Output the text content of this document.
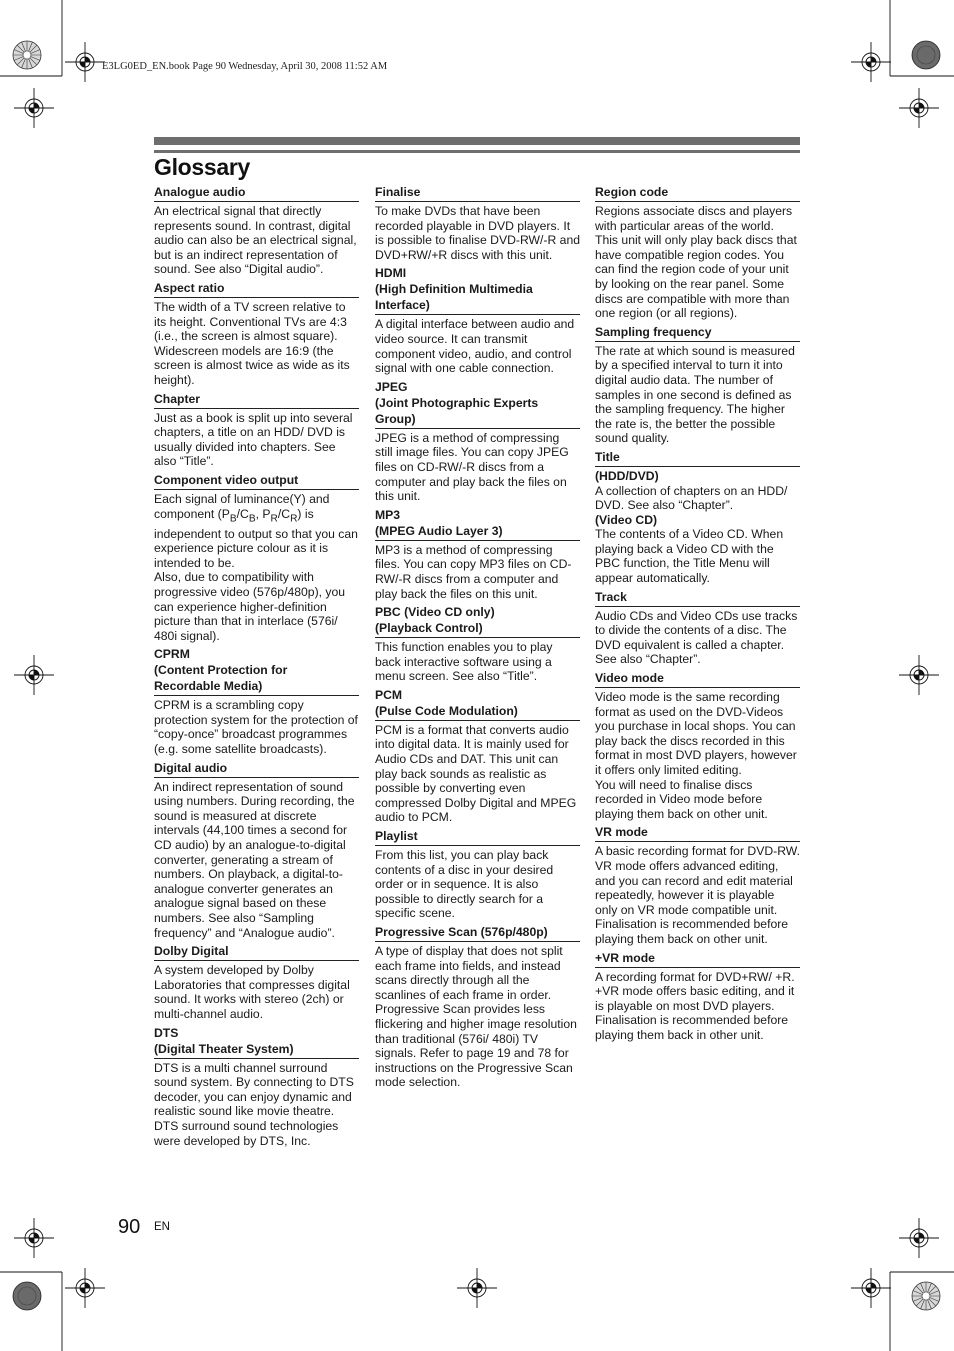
E3LG0ED_EN.book Page 90 Wednesday, April 30, 2008 11:52 AM
Glossary
Analogue audio
An electrical signal that directly represents sound. In contrast, digital audio can also be an electrical signal, but is an indirect representation of sound. See also “Digital audio”.
Aspect ratio
The width of a TV screen relative to its height. Conventional TVs are 4:3 (i.e., the screen is almost square). Widescreen models are 16:9 (the screen is almost twice as wide as its height).
Chapter
Just as a book is split up into several chapters, a title on an HDD/ DVD is usually divided into chapters. See also “Title”.
Component video output
Each signal of luminance(Y) and component ($P_B/C_B$, $P_R/C_R$) is independent to output so that you can experience picture colour as it is intended to be.
Also, due to compatibility with progressive video (576p/480p), you can experience higher-definition picture than that in interlace (576i/ 480i signal).
CPRM
(Content Protection for
Recordable Media)
CPRM is a scrambling copy protection system for the protection of “copy-once” broadcast programmes (e.g. some satellite broadcasts).
Digital audio
An indirect representation of sound using numbers. During recording, the sound is measured at discrete intervals (44,100 times a second for CD audio) by an analogue-to-digital converter, generating a stream of numbers. On playback, a digital-to-analogue converter generates an analogue signal based on these numbers. See also “Sampling frequency” and “Analogue audio”.
Dolby Digital
A system developed by Dolby Laboratories that compresses digital sound. It works with stereo (2ch) or multi-channel audio.
DTS
(Digital Theater System)
DTS is a multi channel surround sound system. By connecting to DTS decoder, you can enjoy dynamic and realistic sound like movie theatre. DTS surround sound technologies were developed by DTS, Inc.
Finalise
To make DVDs that have been recorded playable in DVD players. It is possible to finalise DVD-RW/-R and DVD+RW/+R discs with this unit.
HDMI
(High Definition Multimedia
Interface)
A digital interface between audio and video source. It can transmit component video, audio, and control signal with one cable connection.
JPEG
(Joint Photographic Experts
Group)
JPEG is a method of compressing still image files. You can copy JPEG files on CD-RW/-R discs from a computer and play back the files on this unit.
MP3
(MPEG Audio Layer 3)
MP3 is a method of compressing files. You can copy MP3 files on CD-RW/-R discs from a computer and play back the files on this unit.
PBC (Video CD only)
(Playback Control)
This function enables you to play back interactive software using a menu screen. See also “Title”.
PCM
(Pulse Code Modulation)
PCM is a format that converts audio into digital data. It is mainly used for Audio CDs and DAT. This unit can play back sounds as realistic as possible by converting even compressed Dolby Digital and MPEG audio to PCM.
Playlist
From this list, you can play back contents of a disc in your desired order or in sequence. It is also possible to directly search for a specific scene.
Progressive Scan (576p/480p)
A type of display that does not split each frame into fields, and instead scans directly through all the scanlines of each frame in order. Progressive Scan provides less flickering and higher image resolution than traditional (576i/ 480i) TV signals. Refer to page 19 and 78 for instructions on the Progressive Scan mode selection.
Region code
Regions associate discs and players with particular areas of the world. This unit will only play back discs that have compatible region codes. You can find the region code of your unit by looking on the rear panel. Some discs are compatible with more than one region (or all regions).
Sampling frequency
The rate at which sound is measured by a specified interval to turn it into digital audio data. The number of samples in one second is defined as the sampling frequency. The higher the rate is, the better the possible sound quality.
Title
(HDD/DVD)
A collection of chapters on an HDD/ DVD. See also “Chapter”.
(Video CD)
The contents of a Video CD. When playing back a Video CD with the PBC function, the Title Menu will appear automatically.
Track
Audio CDs and Video CDs use tracks to divide the contents of a disc. The DVD equivalent is called a chapter. See also “Chapter”.
Video mode
Video mode is the same recording format as used on the DVD-Videos you purchase in local shops. You can play back the discs recorded in this format in most DVD players, however it offers only limited editing.
You will need to finalise discs recorded in Video mode before playing them back on other unit.
VR mode
A basic recording format for DVD-RW. VR mode offers advanced editing, and you can record and edit material repeatedly, however it is playable only on VR mode compatible unit. Finalisation is recommended before playing them back on other unit.
+VR mode
A recording format for DVD+RW/ +R.
+VR mode offers basic editing, and it is playable on most DVD players. Finalisation is recommended before playing them back in other unit.
90 EN
